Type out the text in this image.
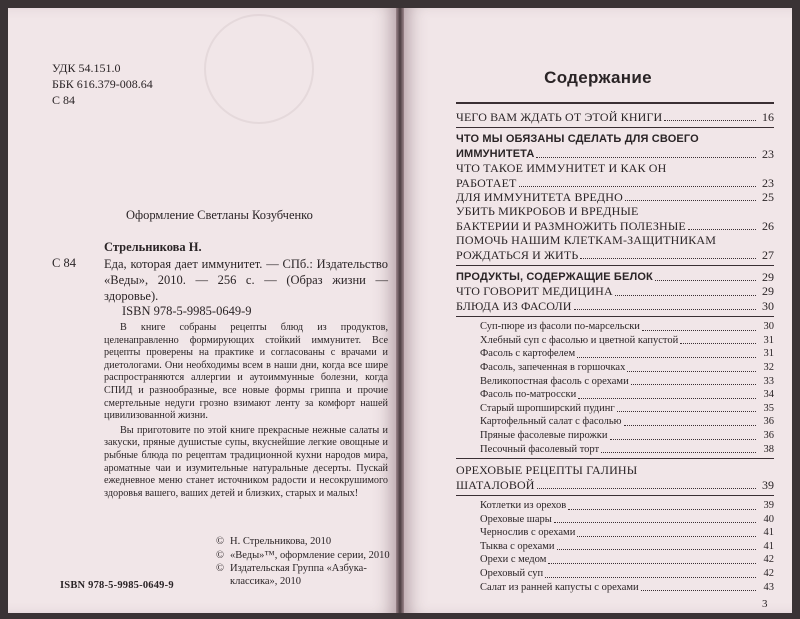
УДК 54.151.0
ББК 616.379-008.64
С 84
Оформление Светланы Козубченко
Стрельникова Н.
С 84 Еда, которая дает иммунитет. — СПб.: Издательство «Веды», 2010. — 256 с. — (Образ жизни — здоровье).
ISBN 978-5-9985-0649-9

В книге собраны рецепты блюд из продуктов, целенаправленно формирующих стойкий иммунитет. Все рецепты проверены на практике и согласованы с врачами и диетологами. Они необходимы всем в наши дни, когда все шире распространяются аллергии и аутоиммунные болезни, когда СПИД и разнообразные, все новые формы гриппа и прочие смертельные недуги грозно взимают ленту за комфорт нашей цивилизованной жизни.

Вы приготовите по этой книге прекрасные нежные салаты и закуски, пряные душистые супы, вкуснейшие легкие овощные и рыбные блюда по рецептам традиционной кухни народов мира, ароматные чаи и изумительные натуральные десерты. Пускай ежедневное меню станет источником радости и несокрушимого здоровья вашего, ваших детей и близких, старых и малых!

© Н. Стрельникова, 2010
© «Веды»™, оформление серии, 2010
© Издательская Группа «Азбука-классика», 2010
ISBN 978-5-9985-0649-9
Содержание
ЧЕГО ВАМ ЖДАТЬ ОТ ЭТОЙ КНИГИ	16
ЧТО МЫ ОБЯЗАНЫ СДЕЛАТЬ ДЛЯ СВОЕГО
ИММУНИТЕТА	23
ЧТО ТАКОЕ ИММУНИТЕТ И КАК ОН
РАБОТАЕТ	23
ДЛЯ ИММУНИТЕТА ВРЕДНО	25
УБИТЬ МИКРОБОВ И ВРЕДНЫЕ
БАКТЕРИИ И РАЗМНОЖИТЬ ПОЛЕЗНЫЕ	26
ПОМОЧЬ НАШИМ КЛЕТКАМ-ЗАЩИТНИКАМ
РОЖДАТЬСЯ И ЖИТЬ	27
ПРОДУКТЫ, СОДЕРЖАЩИЕ БЕЛОК	29
ЧТО ГОВОРИТ МЕДИЦИНА	29
БЛЮДА ИЗ ФАСОЛИ	30
Суп-пюре из фасоли по-марсельски	30
Хлебный суп с фасолью и цветной капустой	31
Фасоль с картофелем	31
Фасоль, запеченная в горшочках	32
Великопостная фасоль с орехами	33
Фасоль по-матросски	34
Старый шропширский пудинг	35
Картофельный салат с фасолью	36
Пряные фасолевые пирожки	36
Песочный фасолевый торт	38
ОРЕХОВЫЕ РЕЦЕПТЫ ГАЛИНЫ
ШАТАЛОВОЙ	39
Котлетки из орехов	39
Ореховые шары	40
Чернослив с орехами	41
Тыква с орехами	41
Орехи с медом	42
Ореховый суп	42
Салат из ранней капусты с орехами	43
3
